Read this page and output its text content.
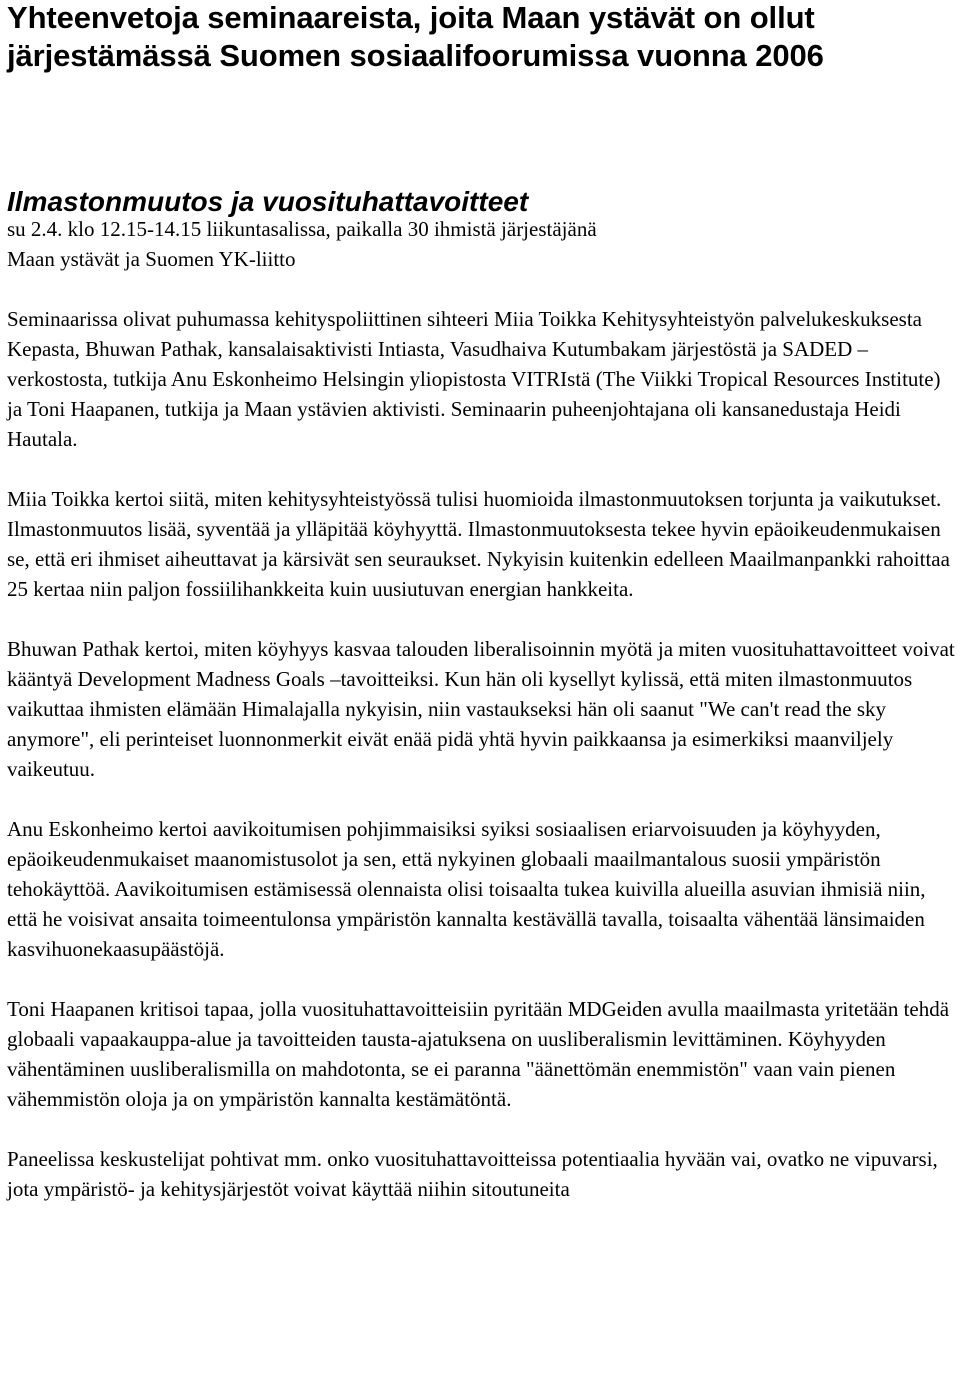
Yhteenvetoja seminaareista, joita Maan ystävät on ollut järjestämässä Suomen sosiaalifoorumissa vuonna 2006
Ilmastonmuutos ja vuosituhattavoitteet

su 2.4. klo 12.15-14.15 liikuntasalissa, paikalla 30 ihmistä järjestäjänä Maan ystävät ja Suomen YK-liitto

Seminaarissa olivat puhumassa kehityspoliittinen sihteeri Miia Toikka Kehitysyhteistyön palvelukeskuksesta Kepasta, Bhuwan Pathak, kansalaisaktivisti Intiasta, Vasudhaiva Kutumbakam järjestöstä ja SADED –verkostosta, tutkija Anu Eskonheimo Helsingin yliopistosta VITRIstä (The Viikki Tropical Resources Institute) ja Toni Haapanen, tutkija ja Maan ystävien aktivisti. Seminaarin puheenjohtajana oli kansanedustaja Heidi Hautala.

Miia Toikka kertoi siitä, miten kehitysyhteistyössä tulisi huomioida ilmastonmuutoksen torjunta ja vaikutukset. Ilmastonmuutos lisää, syventää ja ylläpitää köyhyyttä. Ilmastonmuutoksesta tekee hyvin epäoikeudenmukaisen se, että eri ihmiset aiheuttavat ja kärsivät sen seuraukset. Nykyisin kuitenkin edelleen Maailmanpankki rahoittaa 25 kertaa niin paljon fossiilihankkeita kuin uusiutuvan energian hankkeita.

Bhuwan Pathak kertoi, miten köyhyys kasvaa talouden liberalisoinnin myötä ja miten vuosituhattavoitteet voivat kääntyä Development Madness Goals –tavoitteiksi. Kun hän oli kysellyt kylissä, että miten ilmastonmuutos vaikuttaa ihmisten elämään Himalajalla nykyisin, niin vastaukseksi hän oli saanut "We can't read the sky anymore", eli perinteiset luonnonmerkit eivät enää pidä yhtä hyvin paikkaansa ja esimerkiksi maanviljely vaikeutuu.

Anu Eskonheimo kertoi aavikoitumisen pohjimmaisiksi syiksi sosiaalisen eriarvoisuuden ja köyhyyden, epäoikeudenmukaiset maanomistusolot ja sen, että nykyinen globaali maailmantalous suosii ympäristön tehokäyttöä. Aavikoitumisen estämisessä olennaista olisi toisaalta tukea kuivilla alueilla asuvian ihmisiä niin, että he voisivat ansaita toimeentulonsa ympäristön kannalta kestävällä tavalla, toisaalta vähentää länsimaiden kasvihuonekaasupäästöjä.

Toni Haapanen kritisoi tapaa, jolla vuosituhattavoitteisiin pyritään MDGeiden avulla maailmasta yritetään tehdä globaali vapaakauppa-alue ja tavoitteiden tausta-ajatuksena on uusliberalismin levittäminen. Köyhyyden vähentäminen uusliberalismilla on mahdotonta, se ei paranna "äänettömän enemmistön" vaan vain pienen vähemmistön oloja ja on ympäristön kannalta kestämätöntä.

Paneelissa keskustelijat pohtivat mm. onko vuosituhattavoitteissa potentiaalia hyvään vai, ovatko ne vipuvarsi, jota ympäristö- ja kehitysjärjestöt voivat käyttää niihin sitoutuneita
